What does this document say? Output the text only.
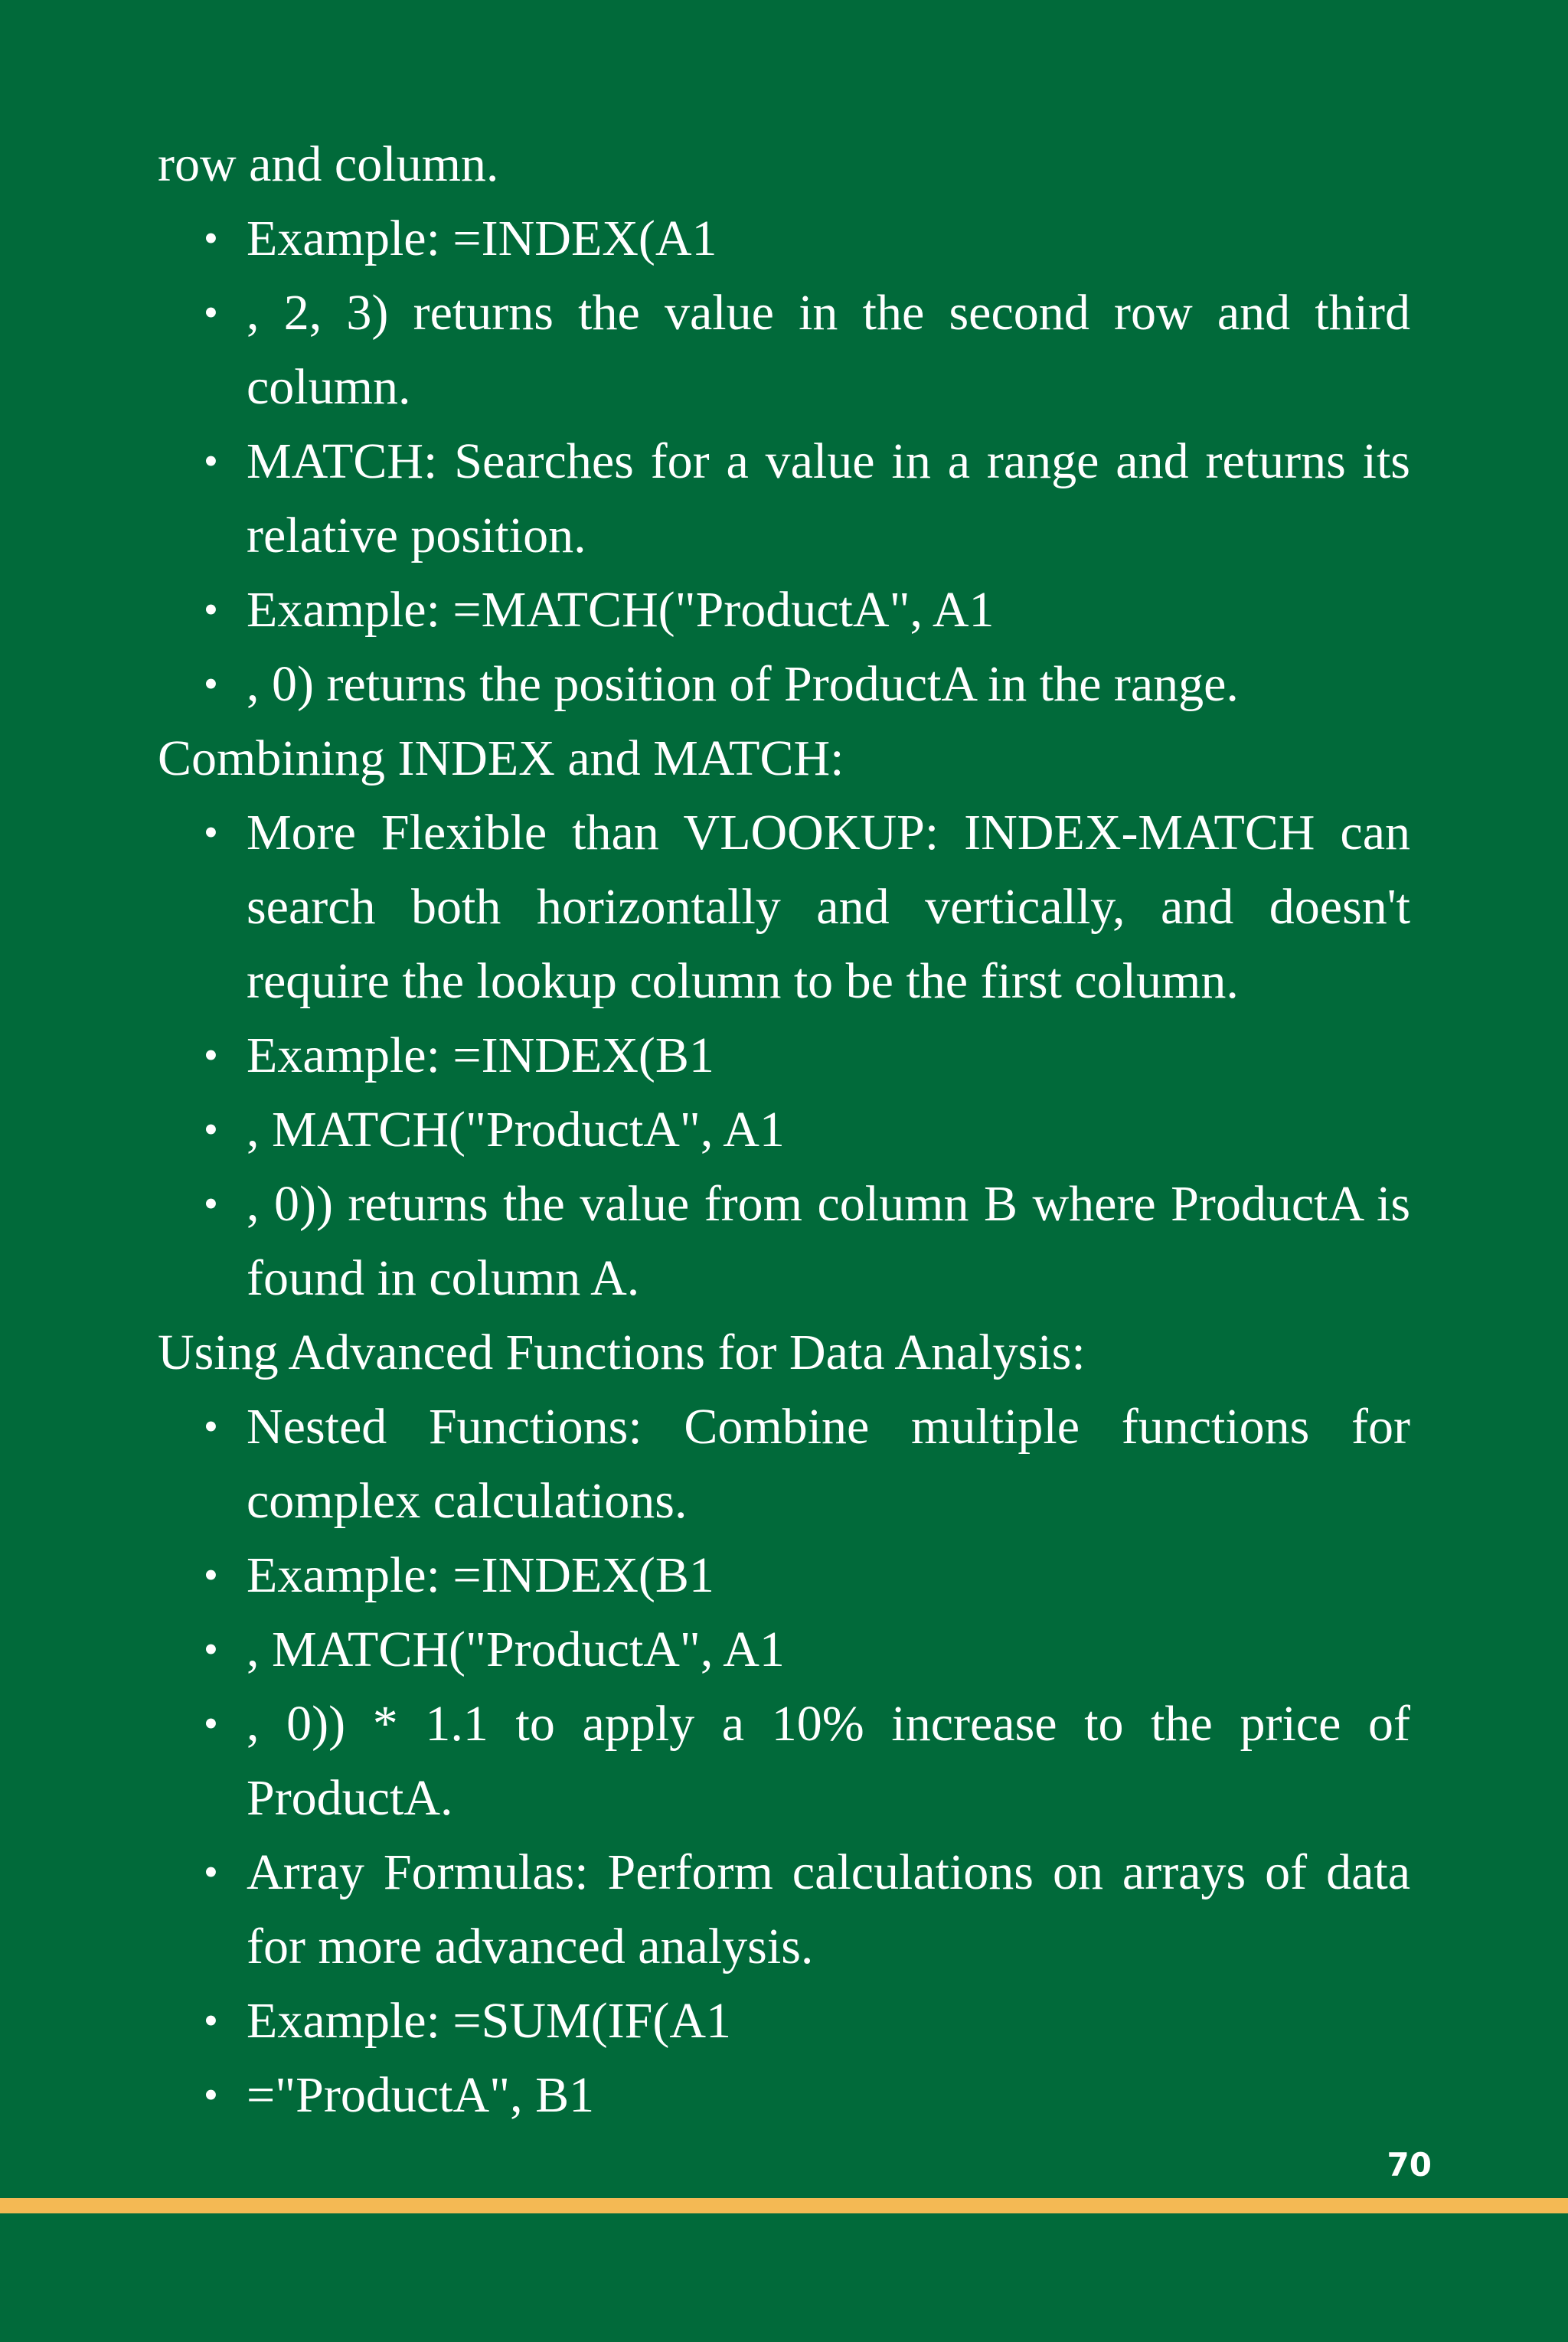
row and column.

• Example: =INDEX(A1
• , 2, 3) returns the value in the second row and third column.
• MATCH: Searches for a value in a range and returns its relative position.
• Example: =MATCH("ProductA", A1
• , 0) returns the position of ProductA in the range.

Combining INDEX and MATCH:

• More Flexible than VLOOKUP: INDEX-MATCH can search both horizontally and vertically, and doesn't require the lookup column to be the first column.
• Example: =INDEX(B1
• , MATCH("ProductA", A1
• , 0)) returns the value from column B where ProductA is found in column A.

Using Advanced Functions for Data Analysis:

• Nested Functions: Combine multiple functions for complex calculations.
• Example: =INDEX(B1
• , MATCH("ProductA", A1
• , 0)) * 1.1 to apply a 10% increase to the price of ProductA.
• Array Formulas: Perform calculations on arrays of data for more advanced analysis.
• Example: =SUM(IF(A1
• ="ProductA", B1
70
